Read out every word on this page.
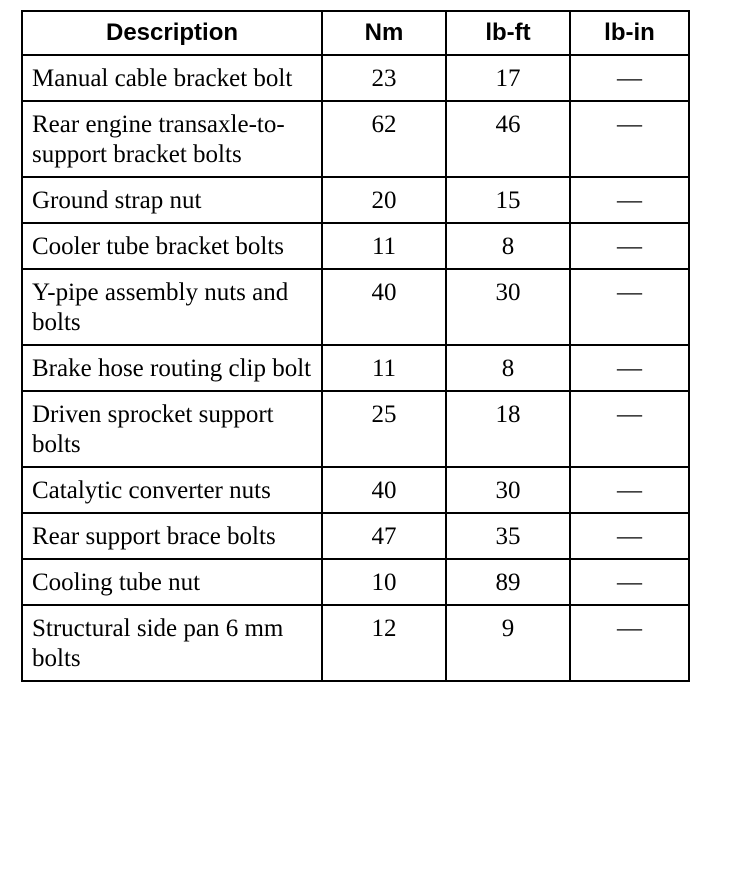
Description	Nm	lb-ft	lb-in
Manual cable bracket bolt	23	17	—
Rear engine transaxle-to-support bracket bolts	62	46	—
Ground strap nut	20	15	—
Cooler tube bracket bolts	11	8	—
Y-pipe assembly nuts and bolts	40	30	—
Brake hose routing clip bolt	11	8	—
Driven sprocket support bolts	25	18	—
Catalytic converter nuts	40	30	—
Rear support brace bolts	47	35	—
Cooling tube nut	10	89	—
Structural side pan 6 mm bolts	12	9	—
